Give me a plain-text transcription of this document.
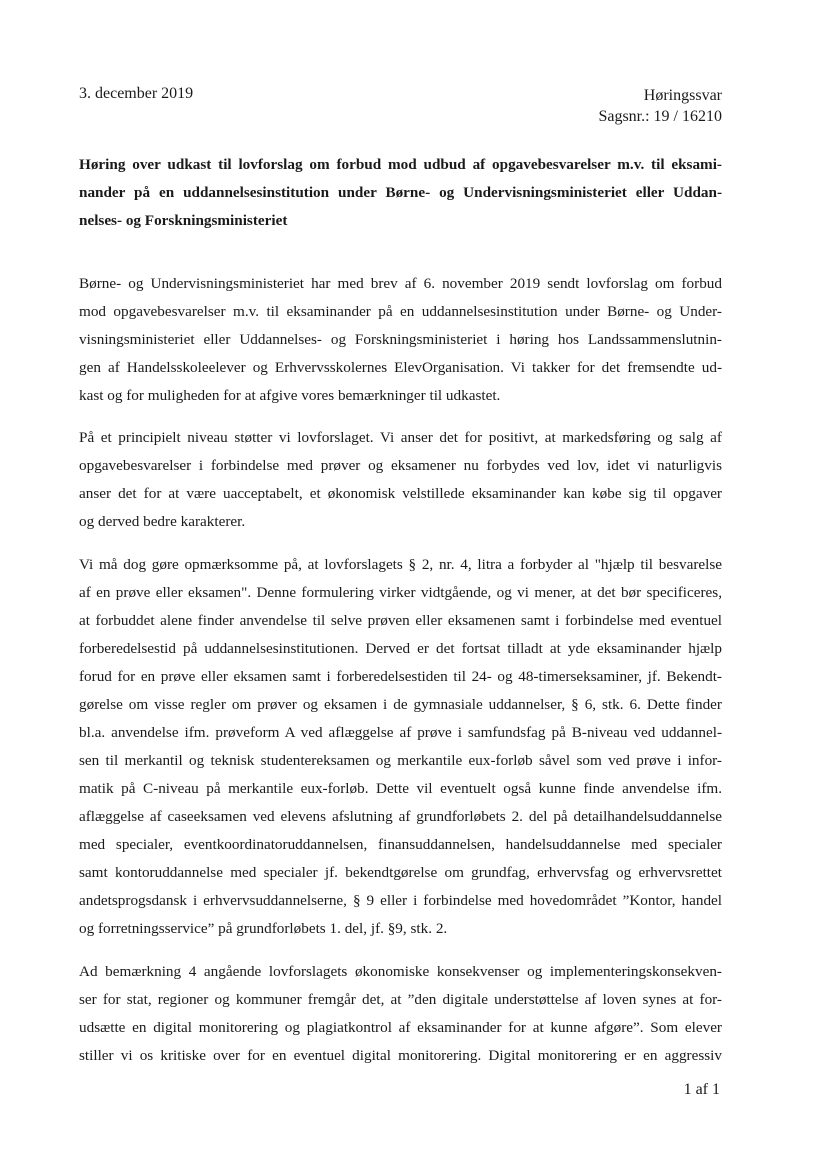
3. december 2019	Høringssvar
Sagsnr.: 19 / 16210
Høring over udkast til lovforslag om forbud mod udbud af opgavebesvarelser m.v. til eksami-
nander på en uddannelsesinstitution under Børne- og Undervisningsministeriet eller Uddan-
nelses- og Forskningsministeriet
Børne- og Undervisningsministeriet har med brev af 6. november 2019 sendt lovforslag om forbud
mod opgavebesvarelser m.v. til eksaminander på en uddannelsesinstitution under Børne- og Under-
visningsministeriet eller Uddannelses- og Forskningsministeriet i høring hos Landssammenslutnin-
gen af Handelsskoleelever og Erhvervsskolernes ElevOrganisation. Vi takker for det fremsendte ud-
kast og for muligheden for at afgive vores bemærkninger til udkastet.
På et principielt niveau støtter vi lovforslaget. Vi anser det for positivt, at markedsføring og salg af
opgavebesvarelser i forbindelse med prøver og eksamener nu forbydes ved lov, idet vi naturligvis
anser det for at være uacceptabelt, et økonomisk velstillede eksaminander kan købe sig til opgaver
og derved bedre karakterer.
Vi må dog gøre opmærksomme på, at lovforslagets § 2, nr. 4, litra a forbyder al "hjælp til besvarelse
af en prøve eller eksamen". Denne formulering virker vidtgående, og vi mener, at det bør specificeres,
at forbuddet alene finder anvendelse til selve prøven eller eksamenen samt i forbindelse med eventuel
forberedelsestid på uddannelsesinstitutionen. Derved er det fortsat tilladt at yde eksaminander hjælp
forud for en prøve eller eksamen samt i forberedelsestiden til 24- og 48-timerseksaminer, jf. Bekendt-
gørelse om visse regler om prøver og eksamen i de gymnasiale uddannelser, § 6, stk. 6. Dette finder
bl.a. anvendelse ifm. prøveform A ved aflæggelse af prøve i samfundsfag på B-niveau ved uddannel-
sen til merkantil og teknisk studentereksamen og merkantile eux-forløb såvel som ved prøve i infor-
matik på C-niveau på merkantile eux-forløb. Dette vil eventuelt også kunne finde anvendelse ifm.
aflæggelse af caseeksamen ved elevens afslutning af grundforløbets 2. del på detailhandelsuddannelse
med specialer, eventkoordinatoruddannelsen, finansuddannelsen, handelsuddannelse med specialer
samt kontoruddannelse med specialer jf. bekendtgørelse om grundfag, erhvervsfag og erhvervsrettet
andetsprogsdansk i erhvervsuddannelserne, § 9 eller i forbindelse med hovedområdet ”Kontor, handel
og forretningsservice” på grundforløbets 1. del, jf. §9, stk. 2.
Ad bemærkning 4 angående lovforslagets økonomiske konsekvenser og implementeringskonsekven-
ser for stat, regioner og kommuner fremgår det, at ”den digitale understøttelse af loven synes at for-
udsætte en digital monitorering og plagiatkontrol af eksaminander for at kunne afgøre”. Som elever
stiller vi os kritiske over for en eventuel digital monitorering. Digital monitorering er en aggressiv
1 af 1
